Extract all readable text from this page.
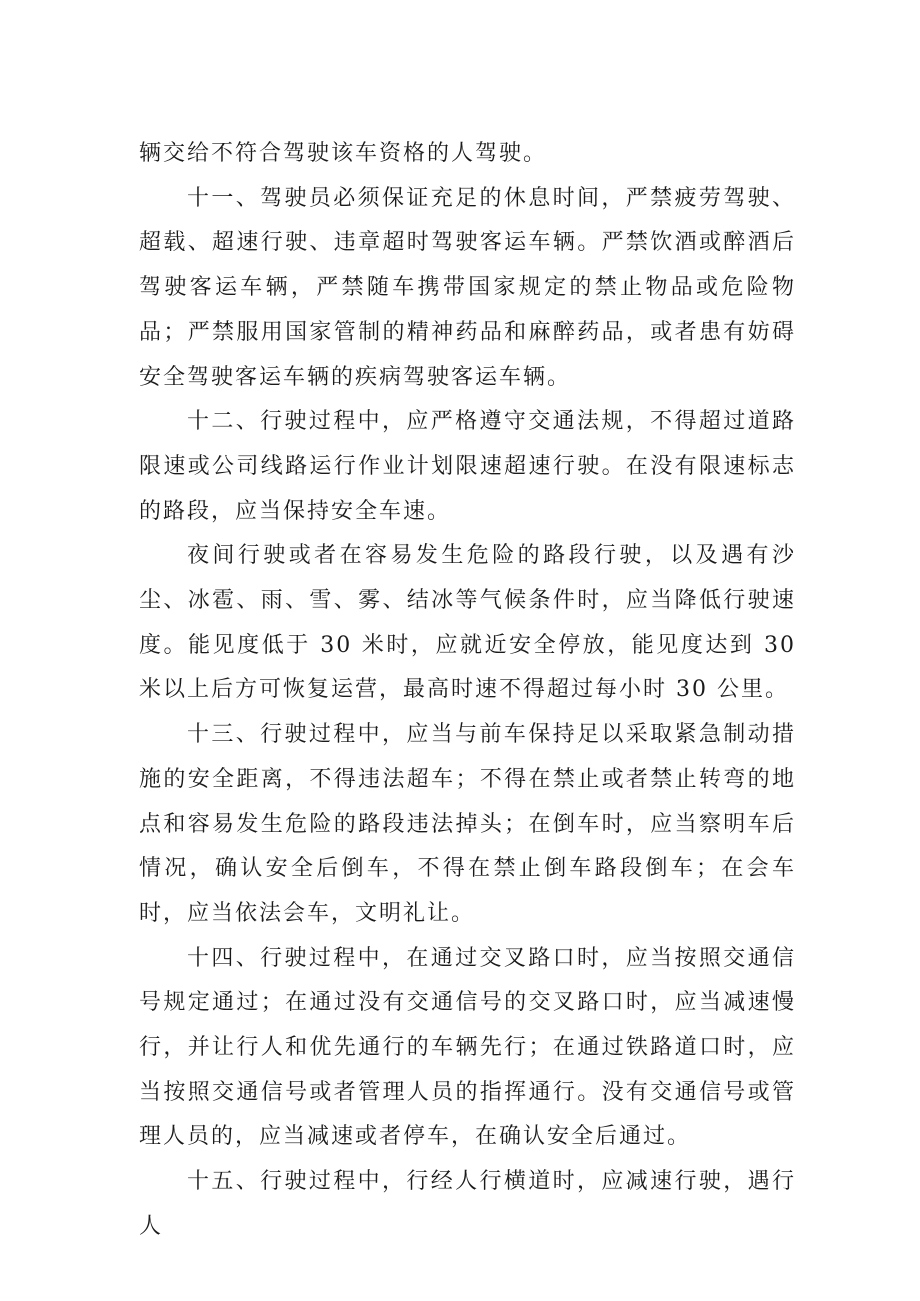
辆交给不符合驾驶该车资格的人驾驶。

十一、驾驶员必须保证充足的休息时间，严禁疲劳驾驶、超载、超速行驶、违章超时驾驶客运车辆。严禁饮酒或醉酒后驾驶客运车辆，严禁随车携带国家规定的禁止物品或危险物品；严禁服用国家管制的精神药品和麻醉药品，或者患有妨碍安全驾驶客运车辆的疾病驾驶客运车辆。

十二、行驶过程中，应严格遵守交通法规，不得超过道路限速或公司线路运行作业计划限速超速行驶。在没有限速标志的路段，应当保持安全车速。

夜间行驶或者在容易发生危险的路段行驶，以及遇有沙尘、冰雹、雨、雪、雾、结冰等气候条件时，应当降低行驶速度。能见度低于 30 米时，应就近安全停放，能见度达到 30 米以上后方可恢复运营，最高时速不得超过每小时 30 公里。

十三、行驶过程中，应当与前车保持足以采取紧急制动措施的安全距离，不得违法超车；不得在禁止或者禁止转弯的地点和容易发生危险的路段违法掉头；在倒车时，应当察明车后情况，确认安全后倒车，不得在禁止倒车路段倒车；在会车时，应当依法会车，文明礼让。

十四、行驶过程中，在通过交叉路口时，应当按照交通信号规定通过；在通过没有交通信号的交叉路口时，应当减速慢行，并让行人和优先通行的车辆先行；在通过铁路道口时，应当按照交通信号或者管理人员的指挥通行。没有交通信号或管理人员的，应当减速或者停车，在确认安全后通过。

十五、行驶过程中，行经人行横道时，应减速行驶，遇行人
